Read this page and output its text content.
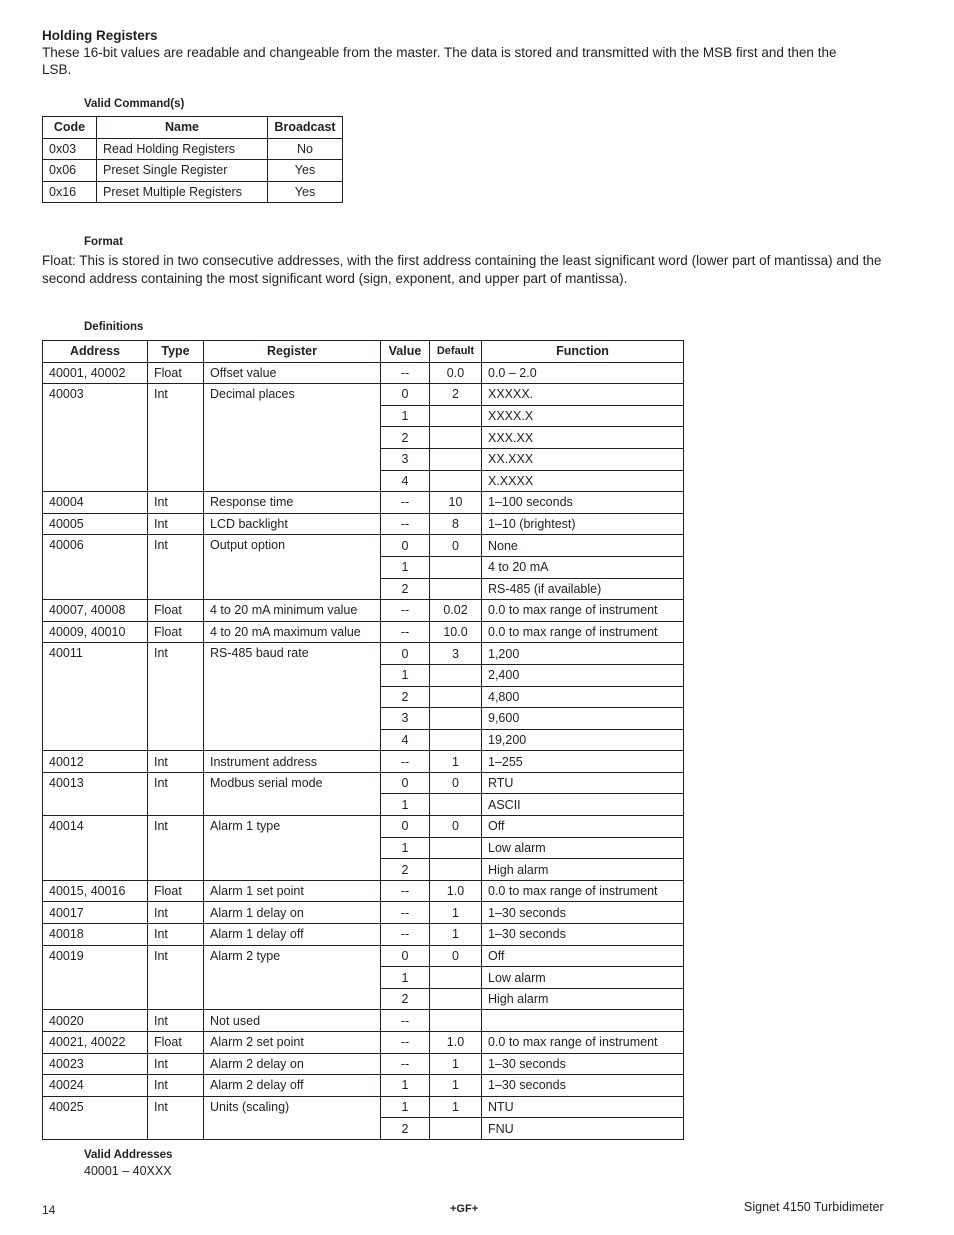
Holding Registers
These 16-bit values are readable and changeable from the master. The data is stored and transmitted with the MSB first and then the LSB.
Valid Command(s)
Code	Name	Broadcast
0x03	Read Holding Registers	No
0x06	Preset Single Register	Yes
0x16	Preset Multiple Registers	Yes
Format
Float: This is stored in two consecutive addresses, with the first address containing the least significant word (lower part of mantissa) and the second address containing the most significant word (sign, exponent, and upper part of mantissa).
Definitions
Address	Type	Register	Value	Default	Function
40001, 40002	Float	Offset value	--	0.0	0.0 – 2.0
40003	Int	Decimal places	0	2	XXXXX.
			1		XXXX.X
			2		XXX.XX
			3		XX.XXX
			4		X.XXXX
40004	Int	Response time	--	10	1–100 seconds
40005	Int	LCD backlight	--	8	1–10 (brightest)
40006	Int	Output option	0	0	None
			1		4 to 20 mA
			2		RS-485 (if available)
40007, 40008	Float	4 to 20 mA minimum value	--	0.02	0.0 to max range of instrument
40009, 40010	Float	4 to 20 mA maximum value	--	10.0	0.0 to max range of instrument
40011	Int	RS-485 baud rate	0	3	1,200
			1		2,400
			2		4,800
			3		9,600
			4		19,200
40012	Int	Instrument address	--	1	1–255
40013	Int	Modbus serial mode	0	0	RTU
			1		ASCII
40014	Int	Alarm 1 type	0	0	Off
			1		Low alarm
			2		High alarm
40015, 40016	Float	Alarm 1 set point	--	1.0	0.0 to max range of instrument
40017	Int	Alarm 1 delay on	--	1	1–30 seconds
40018	Int	Alarm 1 delay off	--	1	1–30 seconds
40019	Int	Alarm 2 type	0	0	Off
			1		Low alarm
			2		High alarm
40020	Int	Not used	--		
40021, 40022	Float	Alarm 2 set point	--	1.0	0.0 to max range of instrument
40023	Int	Alarm 2 delay on	--	1	1–30 seconds
40024	Int	Alarm 2 delay off	1	1	1–30 seconds
40025	Int	Units (scaling)	1	1	NTU
			2		FNU
Valid Addresses
40001 – 40XXX
14	+GF+	Signet 4150 Turbidimeter
